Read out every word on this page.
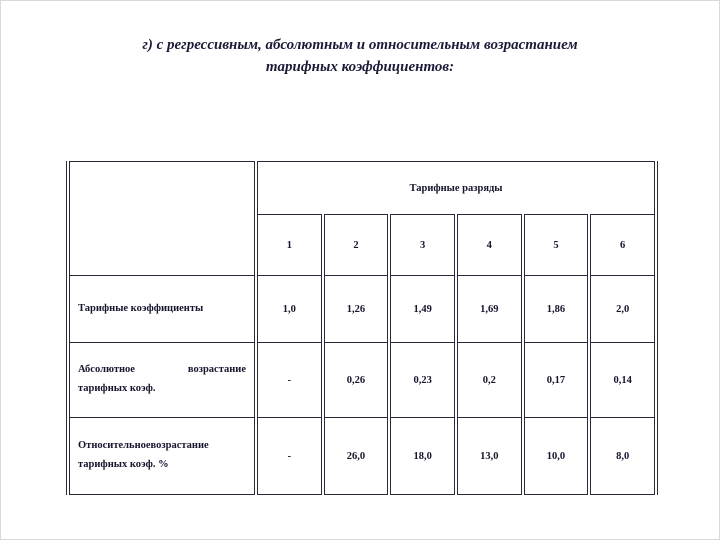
г) с регрессивным, абсолютным и относительным возрастанием
тарифных коэффициентов:
	Тарифные разряды					
	1	2	3	4	5	6
Тарифные коэффициенты	1,0	1,26	1,49	1,69	1,86	2,0
Абсолютное возрастание тарифных коэф.	-	0,26	0,23	0,2	0,17	0,14
Относительноевозрастание тарифных коэф. %	-	26,0	18,0	13,0	10,0	8,0
